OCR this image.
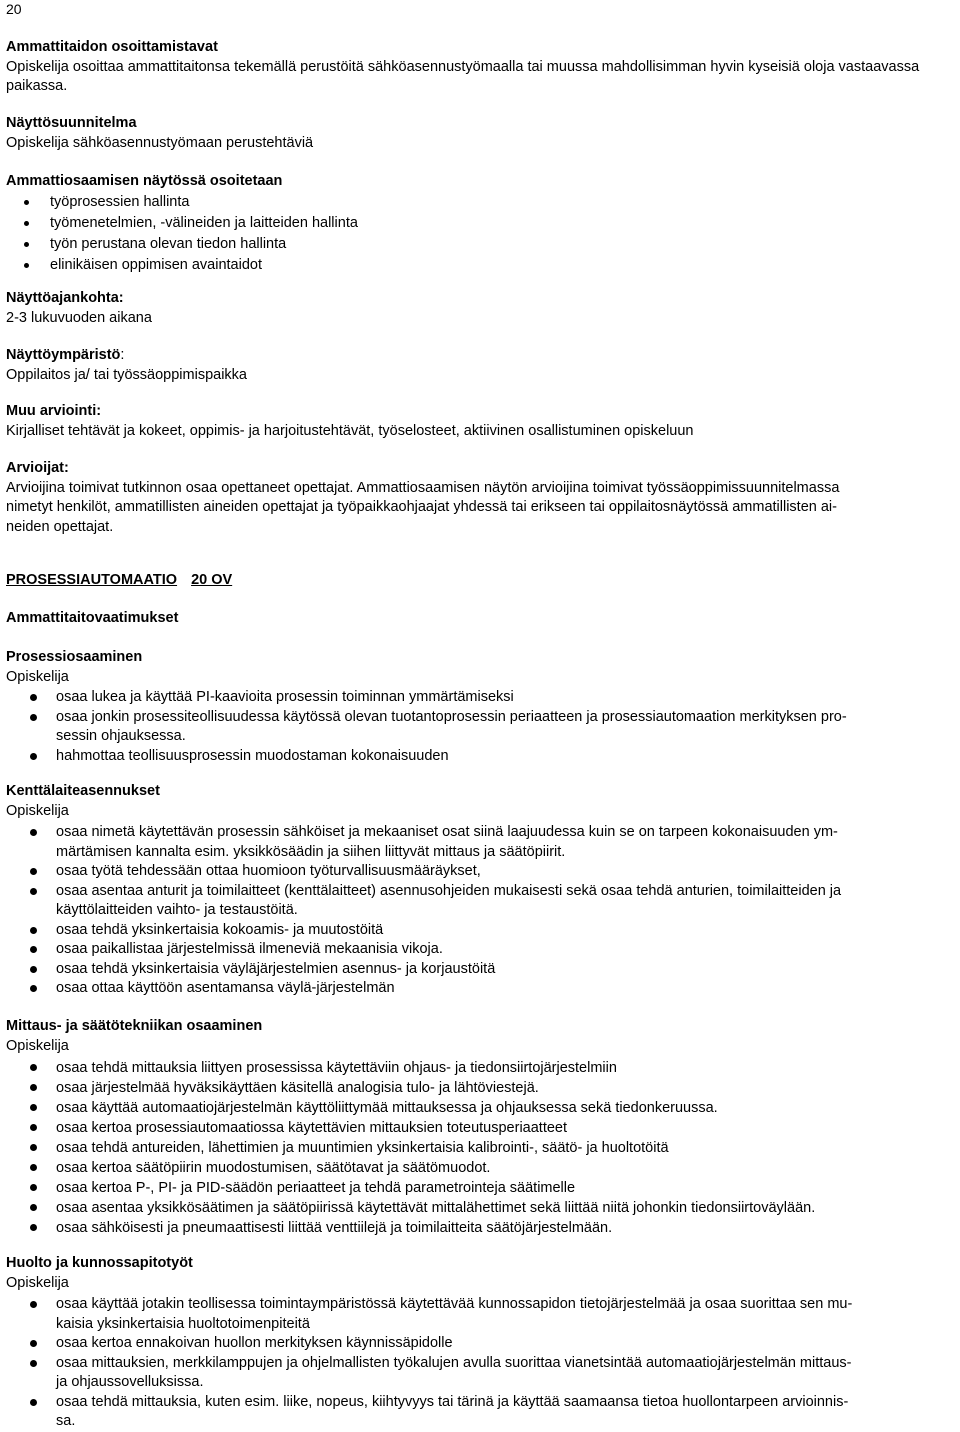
20
Ammattitaidon osoittamistavat
Opiskelija osoittaa ammattitaitonsa tekemällä perustöitä sähköasennustyömaalla tai muussa mahdollisimman hyvin kyseisiä oloja vastaavassa paikassa.
Näyttösuunnitelma
Opiskelija sähköasennustyömaan perustehtäviä
Ammattiosaamisen näytössä osoitetaan
työprosessien hallinta
työmenetelmien, -välineiden ja laitteiden hallinta
työn perustana olevan tiedon hallinta
elinikäisen oppimisen avaintaidot
Näyttöajankohta:
2-3 lukuvuoden aikana
Näyttöympäristö:
Oppilaitos ja/ tai työssäoppimispaikka
Muu arviointi:
Kirjalliset tehtävät ja kokeet, oppimis- ja harjoitustehtävät, työselosteet, aktiivinen osallistuminen opiskeluun
Arvioijat:
Arvioijina toimivat tutkinnon osaa opettaneet opettajat. Ammattiosaamisen näytön arvioijina toimivat työssäoppimissuunnitelmassa
nimetyt henkilöt, ammatillisten aineiden opettajat ja työpaikkaohjaajat yhdessä tai erikseen tai oppilaitosnäytössä ammatillisten ai-
neiden opettajat.
PROSESSIAUTOMAATIO 20 OV
Ammattitaitovaatimukset
Prosessiosaaminen
Opiskelija
osaa lukea ja käyttää PI-kaavioita prosessin toiminnan ymmärtämiseksi
osaa jonkin prosessiteollisuudessa käytössä olevan tuotantoprosessin periaatteen ja prosessiautomaation merkityksen pro-
sessin ohjauksessa.
hahmottaa teollisuusprosessin muodostaman kokonaisuuden
Kenttälaiteasennukset
Opiskelija
osaa nimetä käytettävän prosessin sähköiset ja mekaaniset osat siinä laajuudessa kuin se on tarpeen kokonaisuuden ym-
märtämisen kannalta esim. yksikkösäädin ja siihen liittyvät mittaus ja säätöpiirit.
osaa työtä tehdessään ottaa huomioon työturvallisuusmääräykset,
osaa asentaa anturit ja toimilaitteet (kenttälaitteet) asennusohjeiden mukaisesti sekä osaa tehdä anturien, toimilaitteiden ja
käyttölaitteiden vaihto- ja testaustöitä.
osaa tehdä yksinkertaisia kokoamis- ja muutostöitä
osaa paikallistaa järjestelmissä ilmeneviä mekaanisia vikoja.
osaa tehdä yksinkertaisia väyläjärjestelmien asennus- ja korjaustöitä
osaa ottaa käyttöön asentamansa väylä-järjestelmän
Mittaus- ja säätötekniikan osaaminen
Opiskelija
osaa tehdä mittauksia liittyen prosessissa käytettäviin ohjaus- ja tiedonsiirtojärjestelmiin
osaa järjestelmää hyväksikäyttäen käsitellä analogisia tulo- ja lähtöviestejä.
osaa käyttää automaatiojärjestelmän käyttöliittymää mittauksessa ja ohjauksessa sekä tiedonkeruussa.
osaa kertoa prosessiautomaatiossa käytettävien mittauksien toteutusperiaatteet
osaa tehdä antureiden, lähettimien ja muuntimien yksinkertaisia kalibrointi-, säätö- ja huoltotöitä
osaa kertoa säätöpiirin muodostumisen, säätötavat ja säätömuodot.
osaa kertoa P-, PI- ja PID-säädön periaatteet ja tehdä parametrointeja säätimelle
osaa asentaa yksikkösäätimen ja säätöpiirissä käytettävät mittalähettimet sekä liittää niitä johonkin tiedonsiirtoväylään.
osaa sähköisesti ja pneumaattisesti liittää venttiilejä ja toimilaitteita säätöjärjestelmään.
Huolto ja kunnossapitotyöt
Opiskelija
osaa käyttää jotakin teollisessa toimintaympäristössä käytettävää kunnossapidon tietojärjestelmää ja osaa suorittaa sen mu-
kaisia yksinkertaisia huoltotoimenpiteitä
osaa kertoa ennakoivan huollon merkityksen käynnissäpidolle
osaa mittauksien, merkkilamppujen ja ohjelmallisten työkalujen avulla suorittaa vianetsintää automaatiojärjestelmän mittaus-
ja ohjaussovelluksissa.
osaa tehdä mittauksia, kuten esim. liike, nopeus, kiihtyvyys tai tärinä ja käyttää saamaansa tietoa huollontarpeen arvioinnis-
sa.
